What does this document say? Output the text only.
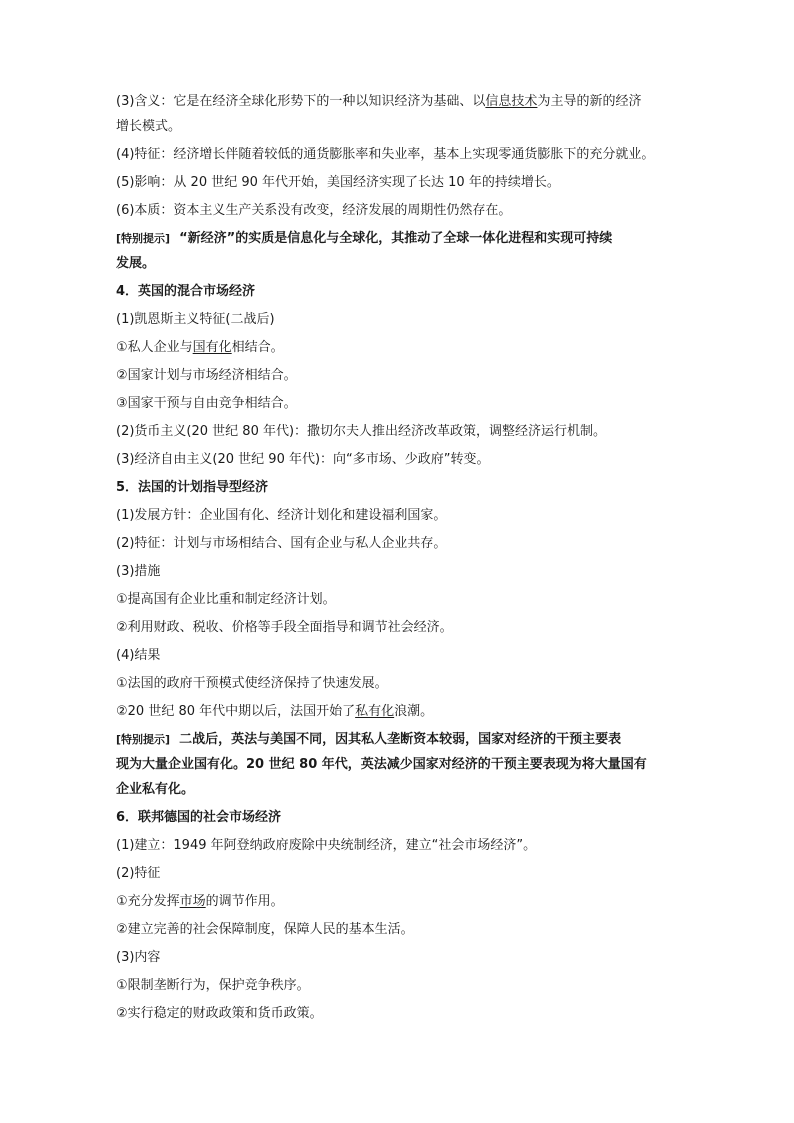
(3)含义：它是在经济全球化形势下的一种以知识经济为基础、以信息技术为主导的新的经济
增长模式。
(4)特征：经济增长伴随着较低的通货膨胀率和失业率，基本上实现零通货膨胀下的充分就业。
(5)影响：从 20 世纪 90 年代开始，美国经济实现了长达 10 年的持续增长。
(6)本质：资本主义生产关系没有改变，经济发展的周期性仍然存在。
[特别提示] “新经济”的实质是信息化与全球化，其推动了全球一体化进程和实现可持续
发展。
4．英国的混合市场经济
(1)凯恩斯主义特征(二战后)
①私人企业与国有化相结合。
②国家计划与市场经济相结合。
③国家干预与自由竞争相结合。
(2)货币主义(20 世纪 80 年代)：撒切尔夫人推出经济改革政策，调整经济运行机制。
(3)经济自由主义(20 世纪 90 年代)：向“多市场、少政府”转变。
5．法国的计划指导型经济
(1)发展方针：企业国有化、经济计划化和建设福利国家。
(2)特征：计划与市场相结合、国有企业与私人企业共存。
(3)措施
①提高国有企业比重和制定经济计划。
②利用财政、税收、价格等手段全面指导和调节社会经济。
(4)结果
①法国的政府干预模式使经济保持了快速发展。
②20 世纪 80 年代中期以后，法国开始了私有化浪潮。
[特别提示] 二战后，英法与美国不同，因其私人垄断资本较弱，国家对经济的干预主要表
现为大量企业国有化。20 世纪 80 年代，英法减少国家对经济的干预主要表现为将大量国有
企业私有化。
6．联邦德国的社会市场经济
(1)建立：1949 年阿登纳政府废除中央统制经济，建立“社会市场经济”。
(2)特征
①充分发挥市场的调节作用。
②建立完善的社会保障制度，保障人民的基本生活。
(3)内容
①限制垄断行为，保护竞争秩序。
②实行稳定的财政政策和货币政策。
